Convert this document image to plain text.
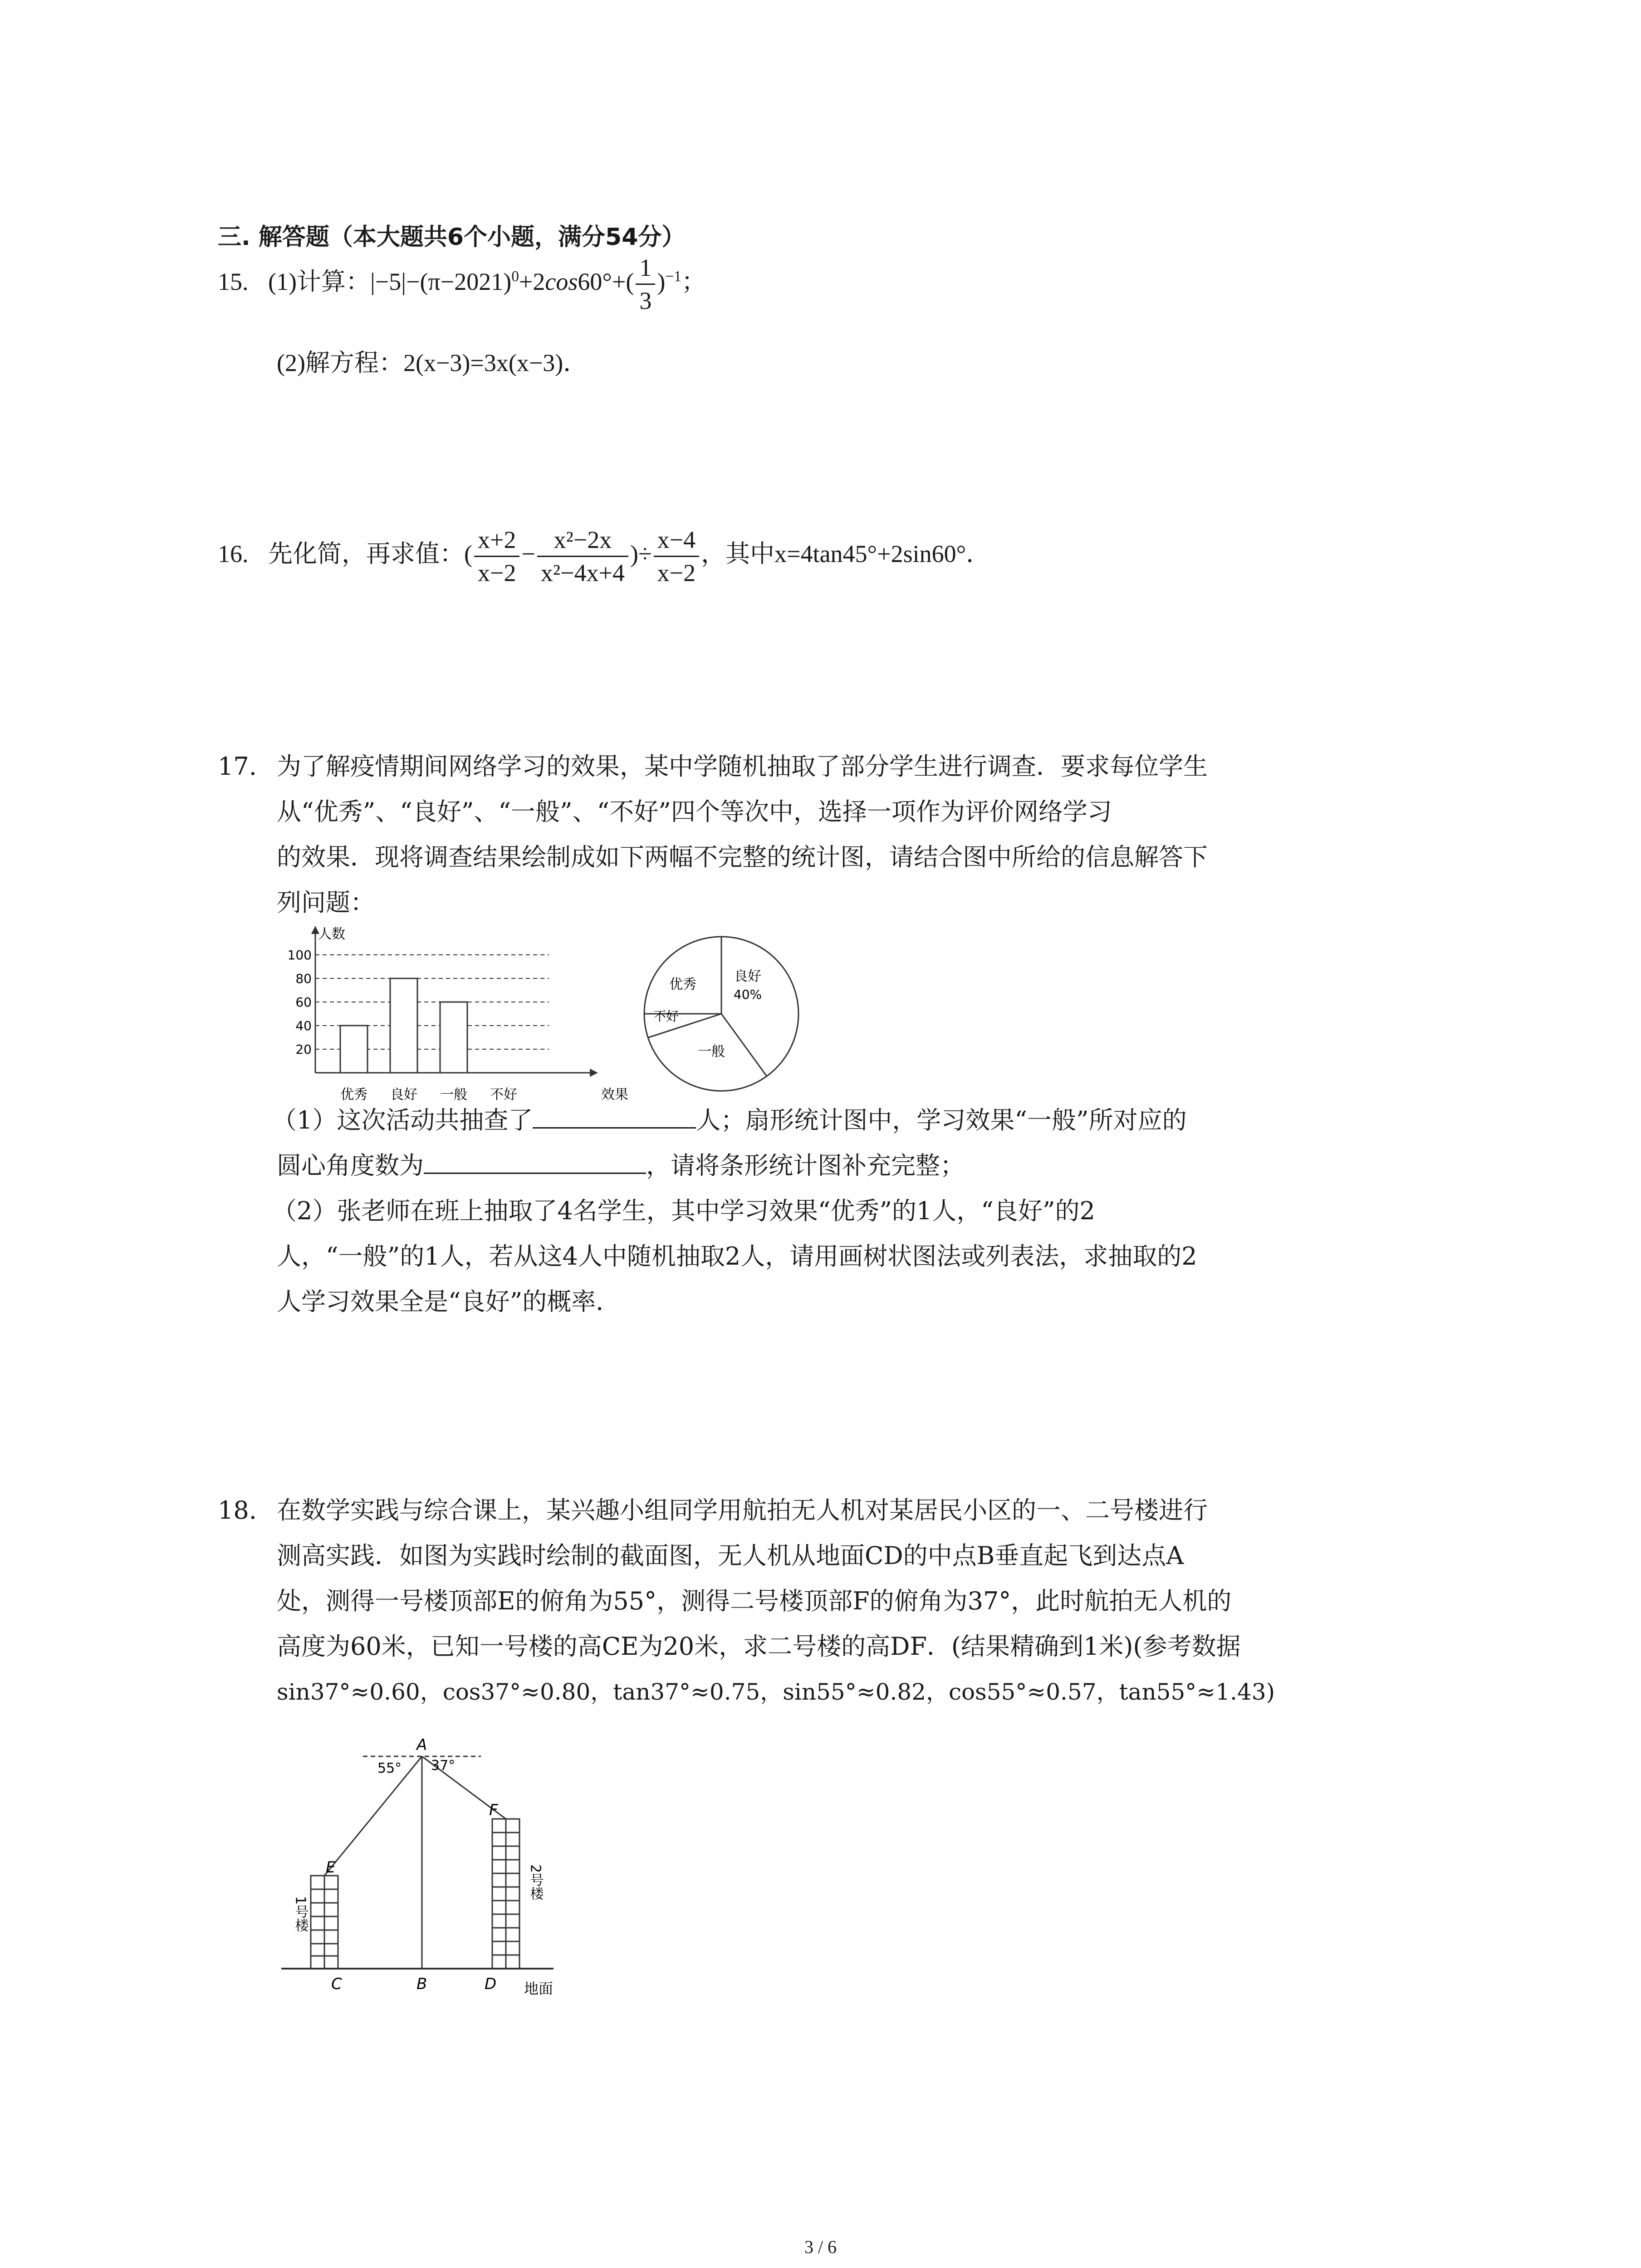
三. 解答题（本大题共6个小题，满分54分）
15. (1)计算：$|-5|-(\pi-2021)^0+2\cos 60^\circ+( \frac{1}{3} )^{-1}$；
(2)解方程：2(x−3)=3x(x−3)．
16. 先化简，再求值：( $\frac{x+2}{x-2} - \frac{\text{x²−2x}}{\text{x²−4x+4}}$ )÷ $\frac{x-4}{x-2}$ ，其中x=4tan45°+2sin60°．
17. 为了解疫情期间网络学习的效果，某中学随机抽取了部分学生进行调查．要求每位学生
从“优秀”、“良好”、“一般”、“不好”四个等次中，选择一项作为评价网络学习
的效果．现将调查结果绘制成如下两幅不完整的统计图，请结合图中所给的信息解答下
列问题：
人数
效果
20
40
60
80
100
优秀 良好 一般 不好
良好
40%
优秀
不好
一般
（1）这次活动共抽查了	人；扇形统计图中，学习效果“一般”所对应的
圆心角度数为	，请将条形统计图补充完整；
（2）张老师在班上抽取了4名学生，其中学习效果“优秀”的1人，“良好”的2
人，“一般”的1人，若从这4人中随机抽取2人，请用画树状图法或列表法，求抽取的2
人学习效果全是“良好”的概率．
18. 在数学实践与综合课上，某兴趣小组同学用航拍无人机对某居民小区的一、二号楼进行
测高实践．如图为实践时绘制的截面图，无人机从地面CD的中点B垂直起飞到达点A
处，测得一号楼顶部E的俯角为55°，测得二号楼顶部F的俯角为37°，此时航拍无人机的
高度为60米，已知一号楼的高CE为20米，求二号楼的高DF．(结果精确到1米)(参考数据
sin37°≈0.60，cos37°≈0.80，tan37°≈0.75，sin55°≈0.82，cos55°≈0.57，tan55°≈1.43)
A
55° 37°
E
F
C	B	D 地面
1号楼
2号楼
3 / 6
